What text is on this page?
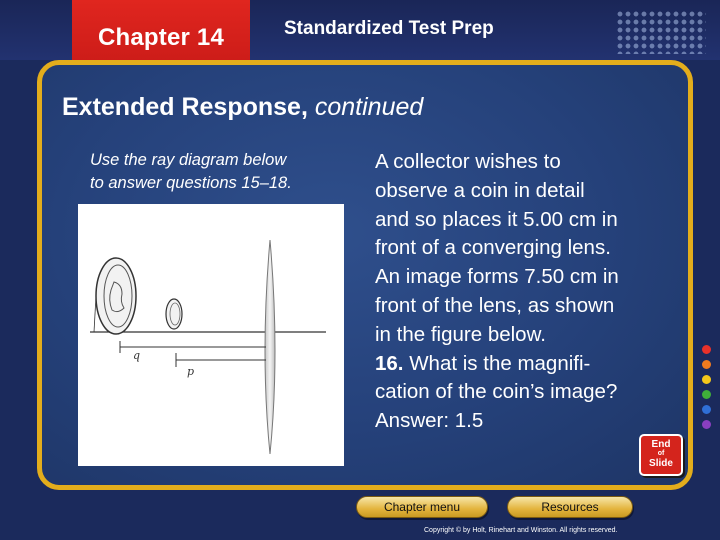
Chapter 14	Standardized Test Prep
Extended Response, continued
Use the ray diagram below
to answer questions 15–18.
q
p

A collector wishes to

observe a coin in detail

and so places it 5.00 cm in

front of a converging lens.

An image forms 7.50 cm in

front of the lens, as shown

in the figure below.

16. What is the magnifi-

cation of the coin’s image?

Answer: 1.5

End
of
Slide
Chapter menu	Resources
Copyright © by Holt, Rinehart and Winston. All rights reserved.
